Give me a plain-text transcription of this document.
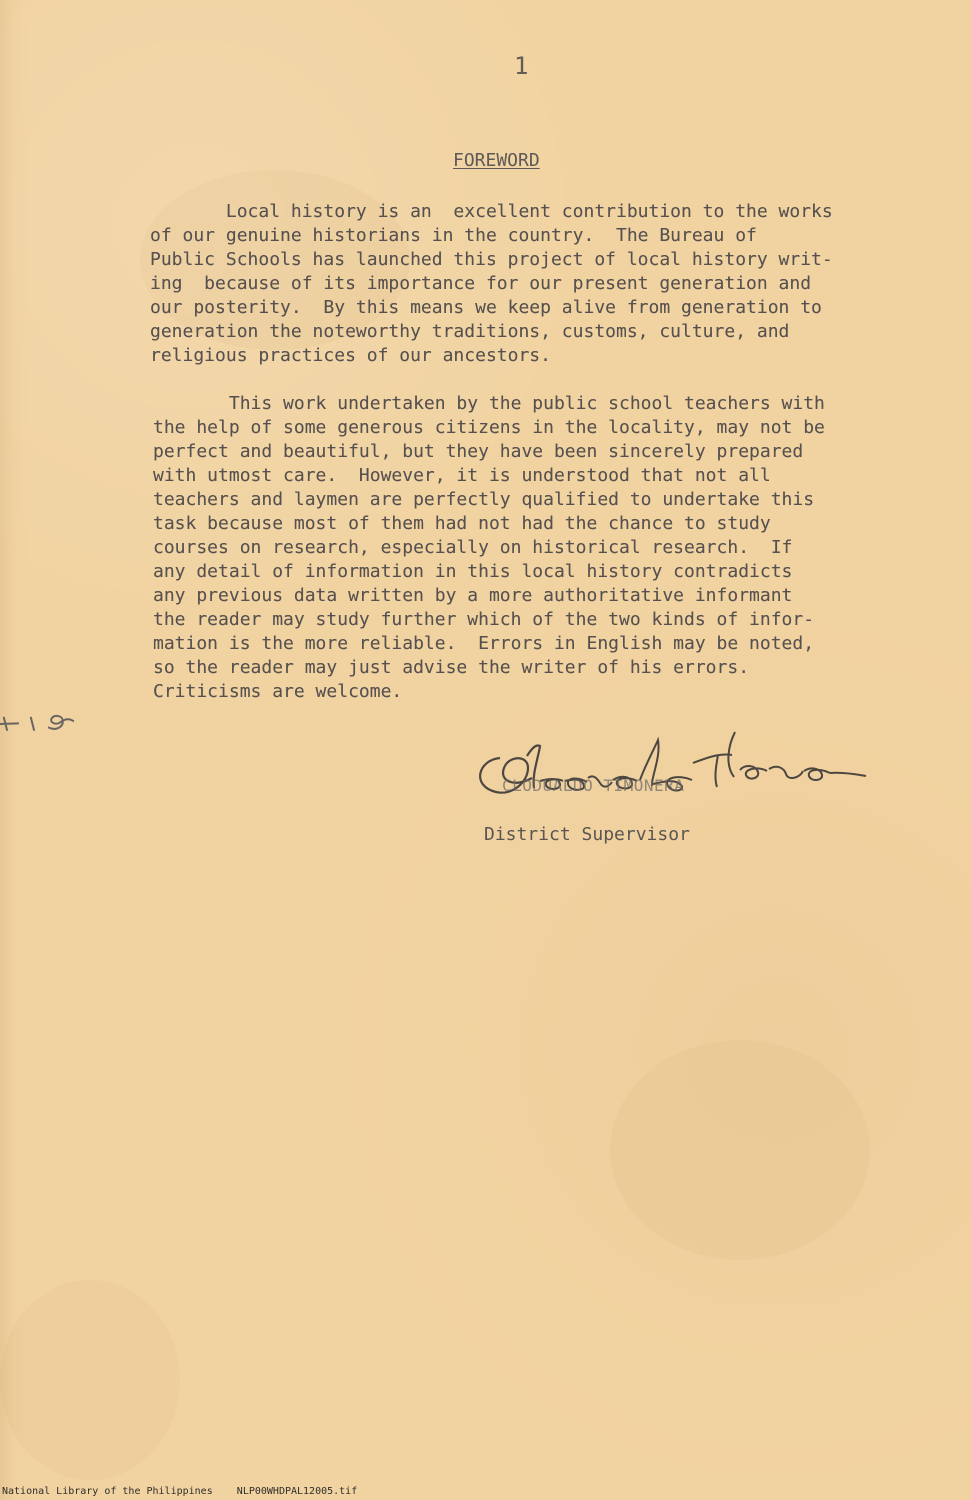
1
FOREWORD
Local history is an  excellent contribution to the works
of our genuine historians in the country.  The Bureau of
Public Schools has launched this project of local history writ-
ing  because of its importance for our present generation and
our posterity.  By this means we keep alive from generation to
generation the noteworthy traditions, customs, culture, and
religious practices of our ancestors.
This work undertaken by the public school teachers with
the help of some generous citizens in the locality, may not be
perfect and beautiful, but they have been sincerely prepared
with utmost care.  However, it is understood that not all
teachers and laymen are perfectly qualified to undertake this
task because most of them had not had the chance to study
courses on research, especially on historical research.  If
any detail of information in this local history contradicts
any previous data written by a more authoritative informant
the reader may study further which of the two kinds of infor-
mation is the more reliable.  Errors in English may be noted,
so the reader may just advise the writer of his errors.
Criticisms are welcome.
CLODUALDO TIMONERA
District Supervisor
National Library of the Philippines    NLP00WHDPAL12005.tif
